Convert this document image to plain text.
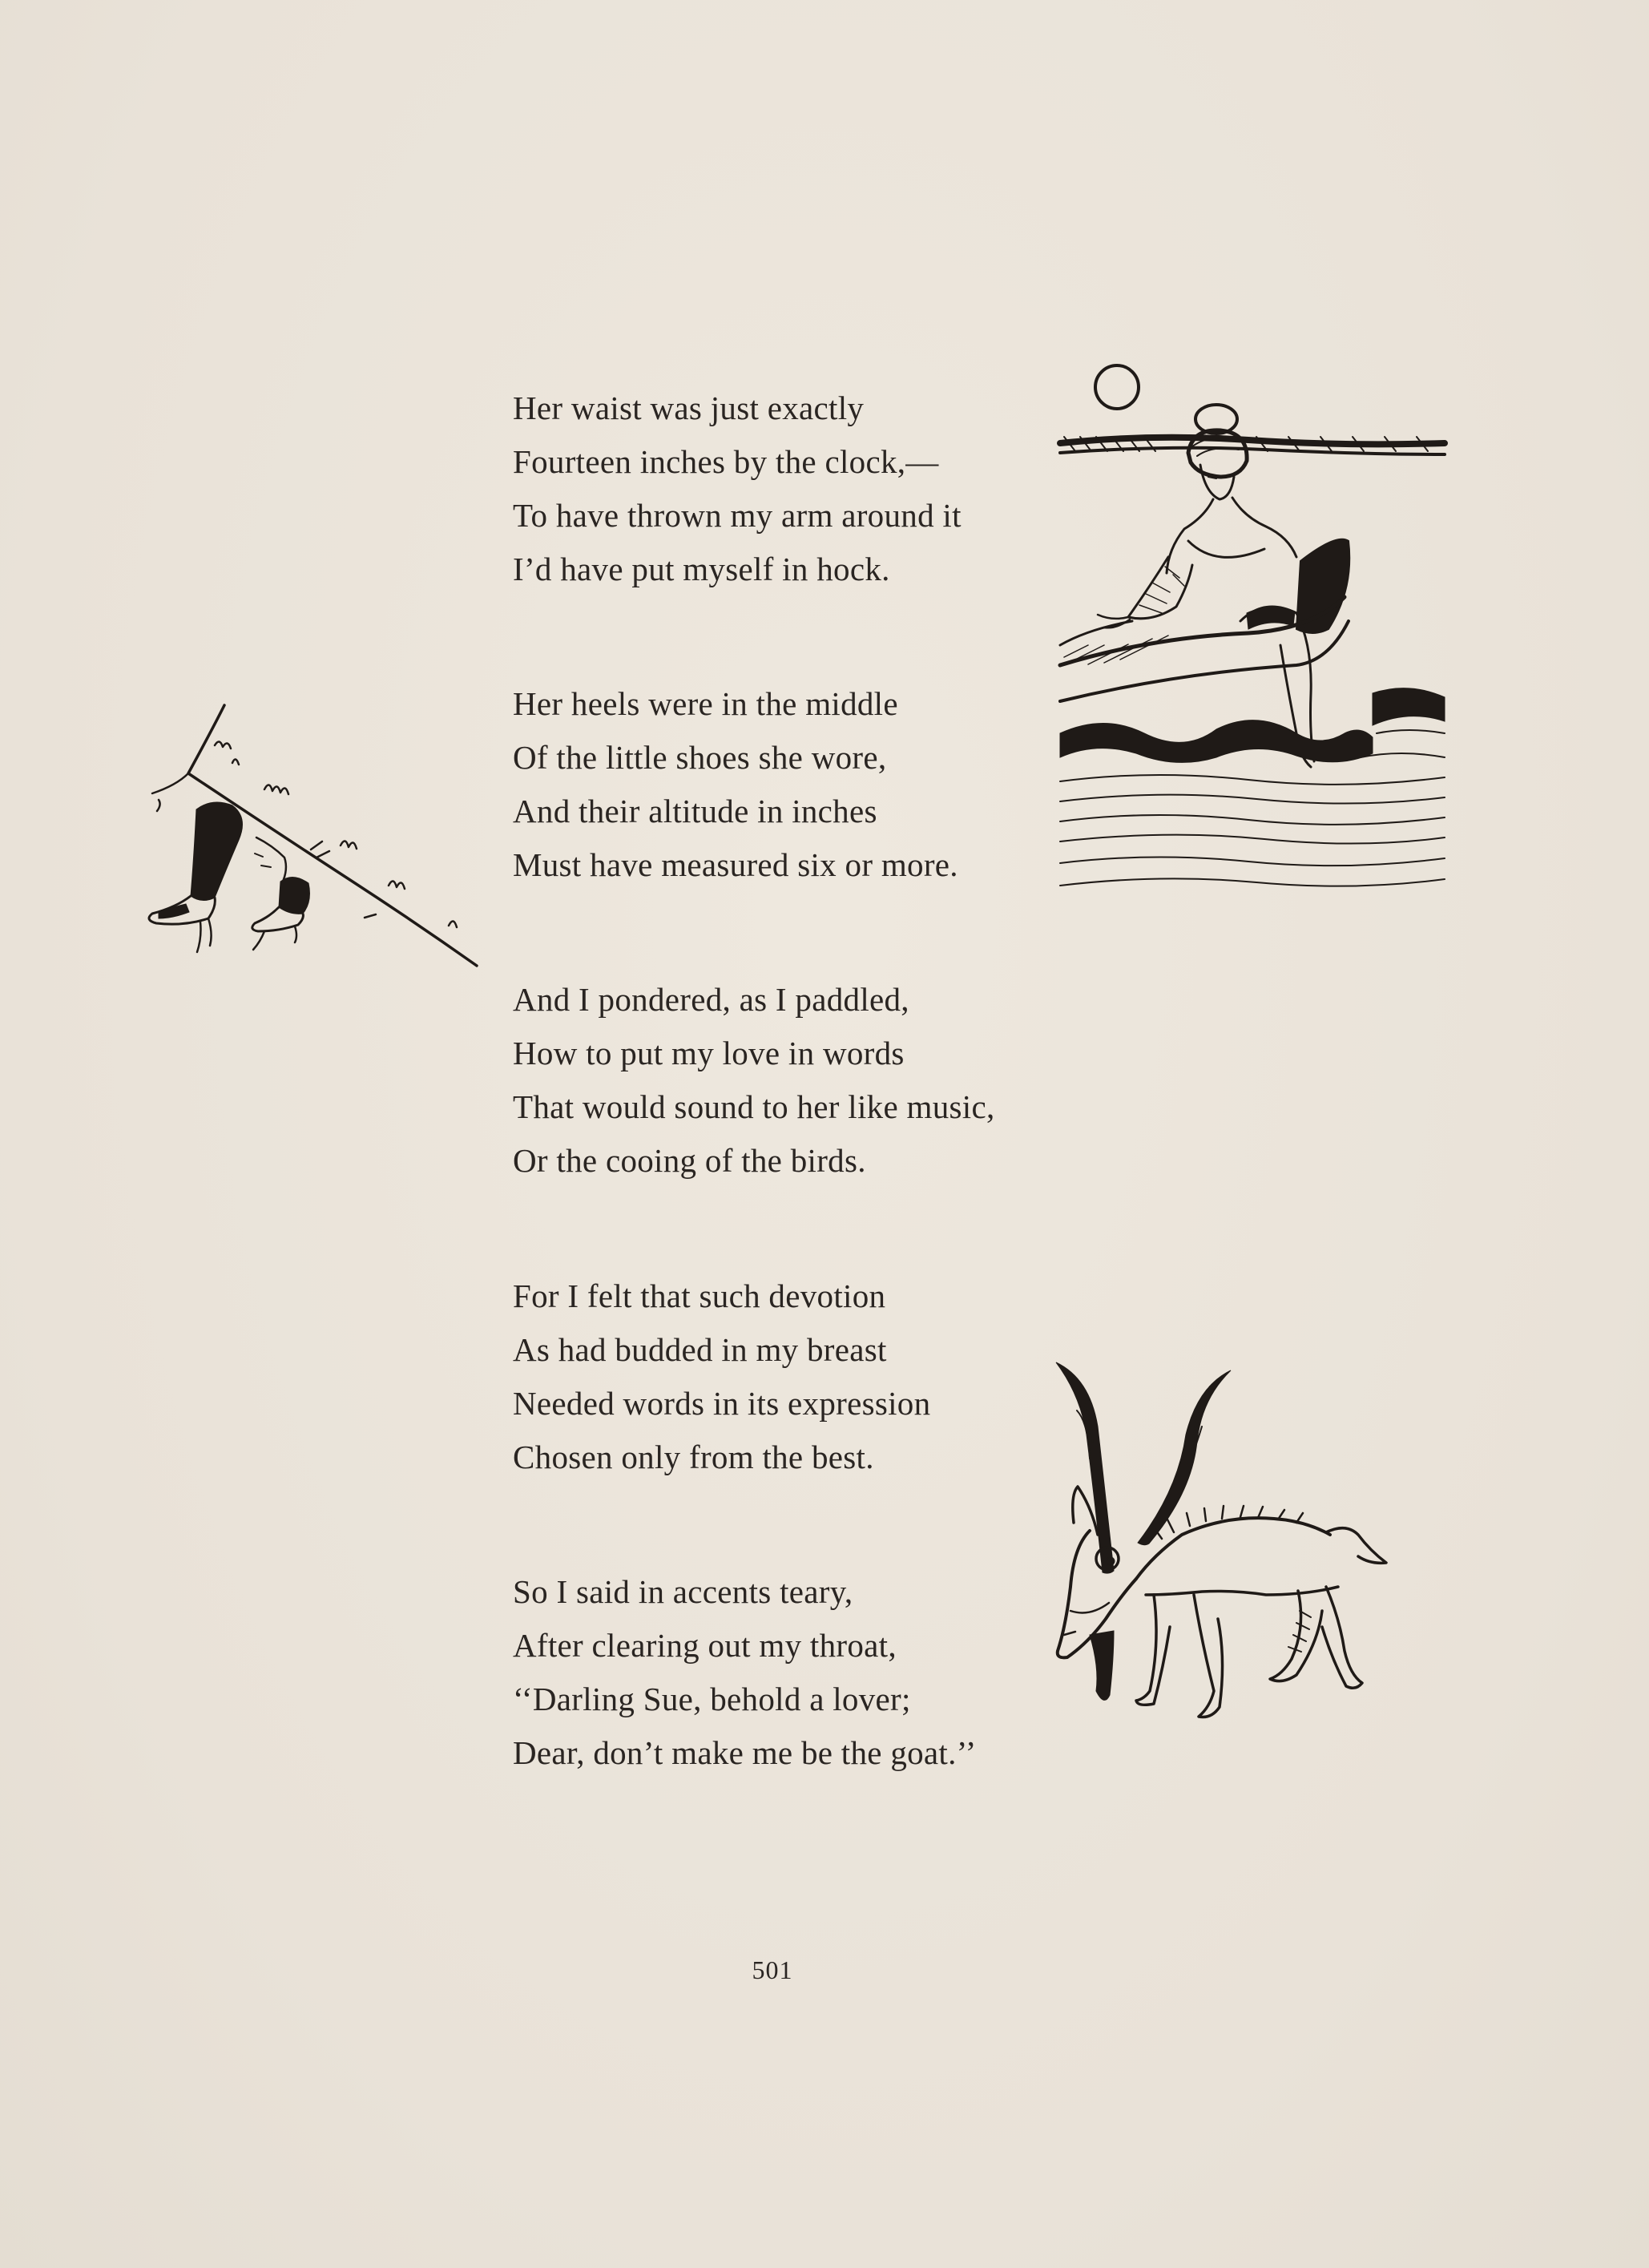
Her waist was just exactly
Fourteen inches by the clock,—
To have thrown my arm around it
I’d have put myself in hock.
Her heels were in the middle
Of the little shoes she wore,
And their altitude in inches
Must have measured six or more.
And I pondered, as I paddled,
How to put my love in words
That would sound to her like music,
Or the cooing of the birds.
For I felt that such devotion
As had budded in my breast
Needed words in its expression
Chosen only from the best.
So I said in accents teary,
After clearing out my throat,
‘‘Darling Sue, behold a lover;
Dear, don’t make me be the goat.’’
501
